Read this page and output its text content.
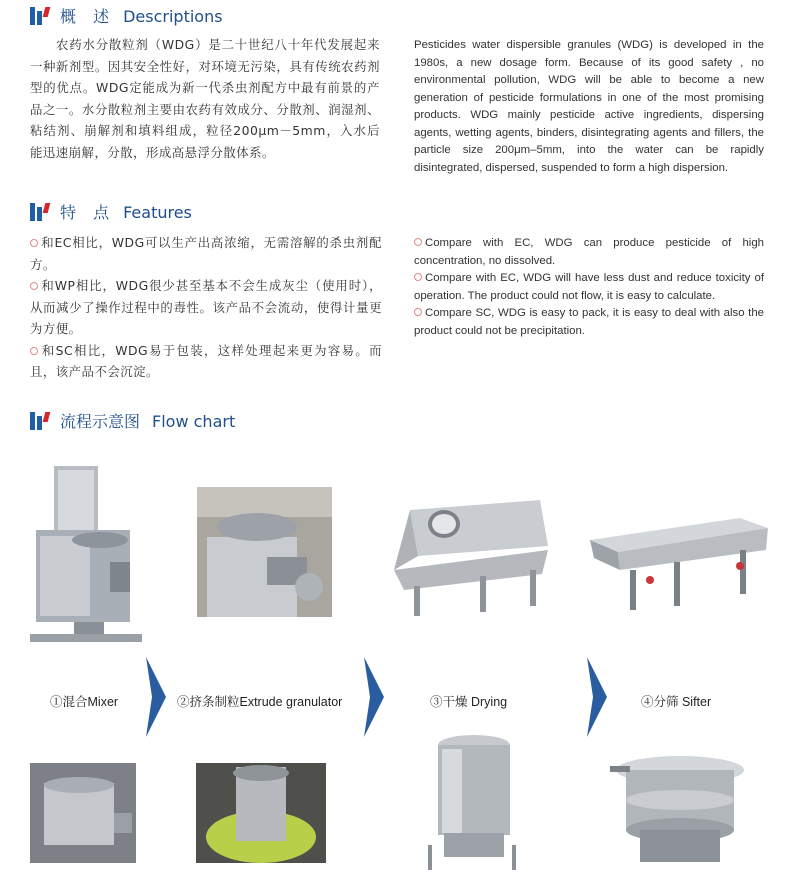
概 述 Descriptions
农药水分散粒剂（WDG）是二十世纪八十年代发展起来一种新剂型。因其安全性好，对环境无污染，具有传统农药剂型的优点。WDG定能成为新一代杀虫剂配方中最有前景的产品之一。水分散粒剂主要由农药有效成分、分散剂、润湿剂、粘结剂、崩解剂和填料组成，粒径200μm－5mm，入水后能迅速崩解，分散，形成高悬浮分散体系。
Pesticides water dispersible granules (WDG) is developed in the 1980s, a new dosage form. Because of its good safety , no environmental pollution, WDG will be able to become a new generation of pesticide formulations in one of the most promising products. WDG mainly pesticide active ingredients, dispersing agents, wetting agents, binders, disintegrating agents and fillers, the particle size 200μm–5mm, into the water can be rapidly disintegrated, dispersed, suspended to form a high dispersion.
特 点 Features

和EC相比，WDG可以生产出高浓缩，无需溶解的杀虫剂配方。

和WP相比，WDG很少甚至基本不会生成灰尘（使用时），从而减少了操作过程中的毒性。该产品不会流动，使得计量更为方便。

和SC相比，WDG易于包装，这样处理起来更为容易。而且，该产品不会沉淀。

Compare with EC, WDG can produce pesticide of high concentration, no dissolved.

Compare with EC, WDG will have less dust and reduce toxicity of operation. The product could not flow, it is easy to calculate.

Compare SC, WDG is easy to pack, it is easy to deal with also the product could not be precipitation.

流程示意图 Flow chart
①混合Mixer	②挤条制粒Extrude granulator	③干燥 Drying	④分筛 Sifter
